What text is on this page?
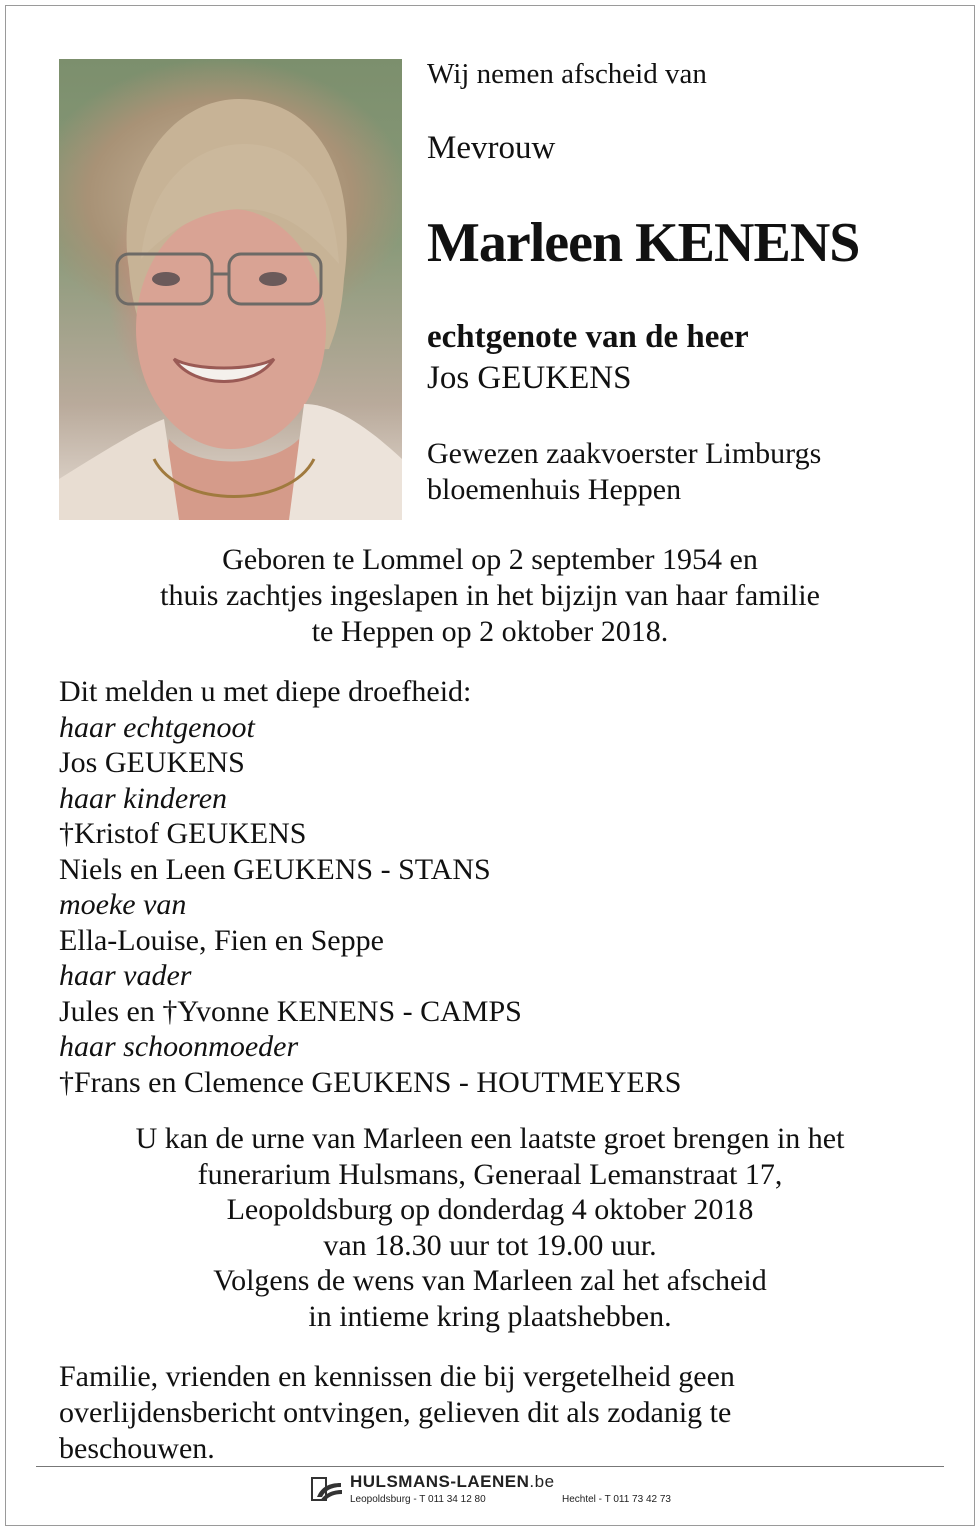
Wij nemen afscheid van
Mevrouw
Marleen KENENS
echtgenote van de heer
Jos GEUKENS
Gewezen zaakvoerster Limburgs
bloemenhuis Heppen
Geboren te Lommel op 2 september 1954 en
thuis zachtjes ingeslapen in het bijzijn van haar familie
te Heppen op 2 oktober 2018.
Dit melden u met diepe droefheid:
haar echtgenoot
Jos GEUKENS
haar kinderen
†Kristof GEUKENS
Niels en Leen GEUKENS - STANS
moeke van
Ella-Louise, Fien en Seppe
haar vader
Jules en †Yvonne KENENS - CAMPS
haar schoonmoeder
†Frans en Clemence GEUKENS - HOUTMEYERS
U kan de urne van Marleen een laatste groet brengen in het
funerarium Hulsmans, Generaal Lemanstraat 17,
Leopoldsburg op donderdag 4 oktober 2018
van 18.30 uur tot 19.00 uur.
Volgens de wens van Marleen zal het afscheid
in intieme kring plaatshebben.
Familie, vrienden en kennissen die bij vergetelheid geen
overlijdensbericht ontvingen, gelieven dit als zodanig te
beschouwen.
HULSMANS-LAENEN.be
Leopoldsburg - T 011 34 12 80	Hechtel - T 011 73 42 73
